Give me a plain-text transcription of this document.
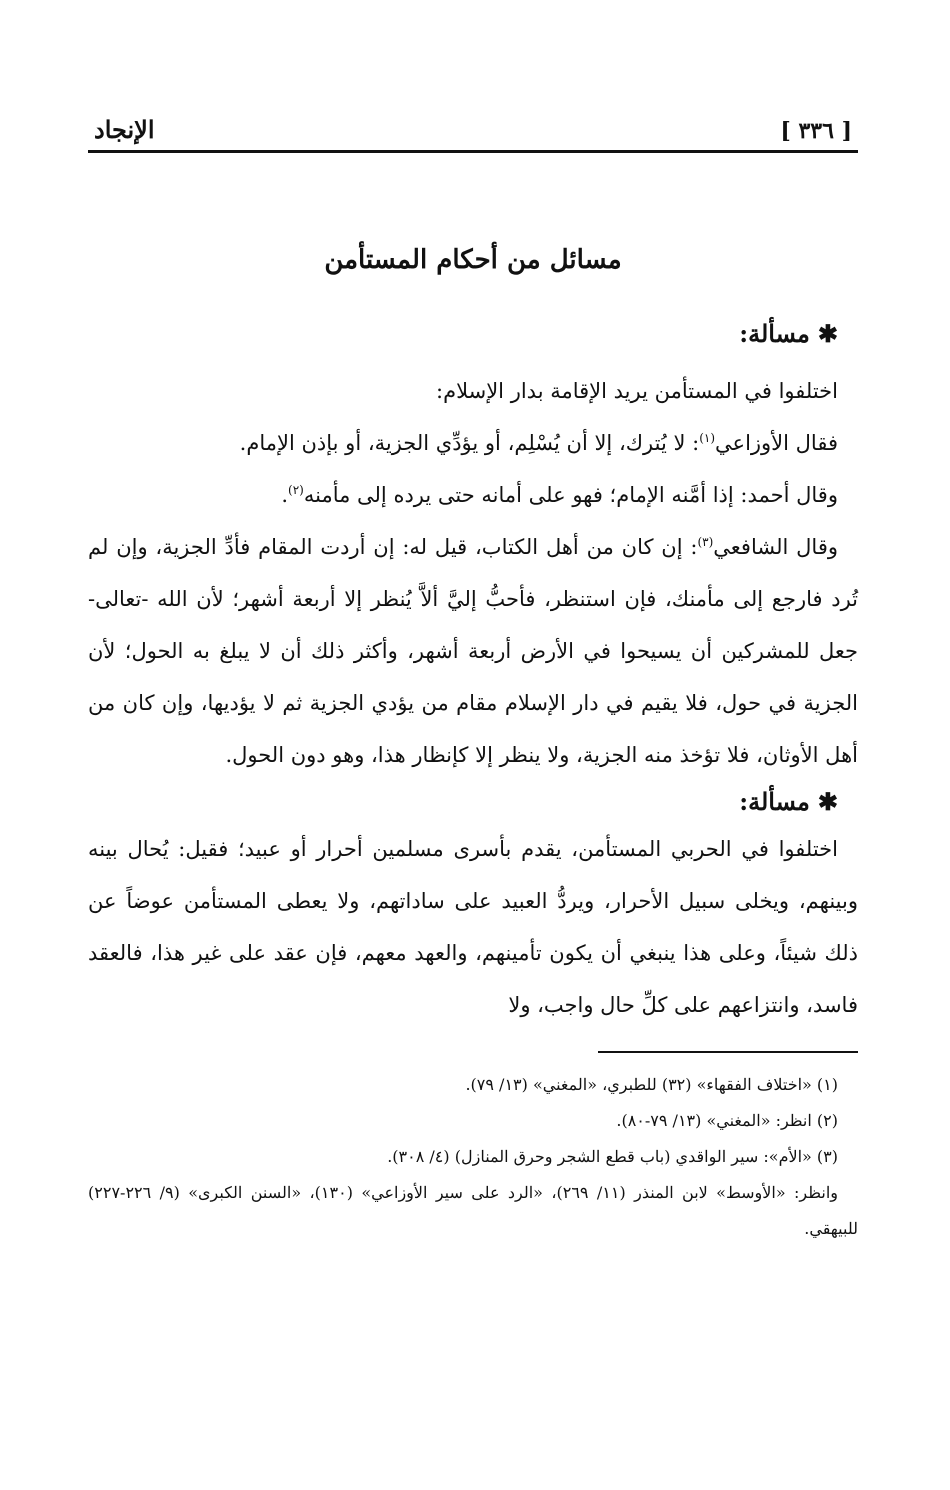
[ ٣٣٦ ]
الإنجاد
مسائل من أحكام المستأمن
✱مسألة:

اختلفوا في المستأمن يريد الإقامة بدار الإسلام:

فقال الأوزاعي$^{(١)}$: لا يُترك، إلا أن يُسْلِم، أو يؤدِّي الجزية، أو بإذن الإمام.

وقال أحمد: إذا أمَّنه الإمام؛ فهو على أمانه حتى يرده إلى مأمنه$^{(٢)}$.

وقال الشافعي$^{(٣)}$: إن كان من أهل الكتاب، قيل له: إن أردت المقام فأدِّ الجزية، وإن لم تُرد فارجع إلى مأمنك، فإن استنظر، فأحبُّ إليَّ ألاَّ يُنظر إلا أربعة أشهر؛ لأن الله -تعالى- جعل للمشركين أن يسيحوا في الأرض أربعة أشهر، وأكثر ذلك أن لا يبلغ به الحول؛ لأن الجزية في حول، فلا يقيم في دار الإسلام مقام من يؤدي الجزية ثم لا يؤديها، وإن كان من أهل الأوثان، فلا تؤخذ منه الجزية، ولا ينظر إلا كإنظار هذا، وهو دون الحول.

✱مسألة:

اختلفوا في الحربي المستأمن، يقدم بأسرى مسلمين أحرار أو عبيد؛ فقيل: يُحال بينه وبينهم، ويخلى سبيل الأحرار، ويردُّ العبيد على ساداتهم، ولا يعطى المستأمن عوضاً عن ذلك شيئاً، وعلى هذا ينبغي أن يكون تأمينهم، والعهد معهم، فإن عقد على غير هذا، فالعقد فاسد، وانتزاعهم على كلِّ حال واجب، ولا

(١) «اختلاف الفقهاء» (٣٢) للطبري، «المغني» (١٣/ ٧٩).

(٢) انظر: «المغني» (١٣/ ٧٩-٨٠).

(٣) «الأم»: سير الواقدي (باب قطع الشجر وحرق المنازل) (٤/ ٣٠٨).

وانظر: «الأوسط» لابن المنذر (١١/ ٢٦٩)، «الرد على سير الأوزاعي» (١٣٠)، «السنن الكبرى» (٩/ ٢٢٦-٢٢٧) للبيهقي.
